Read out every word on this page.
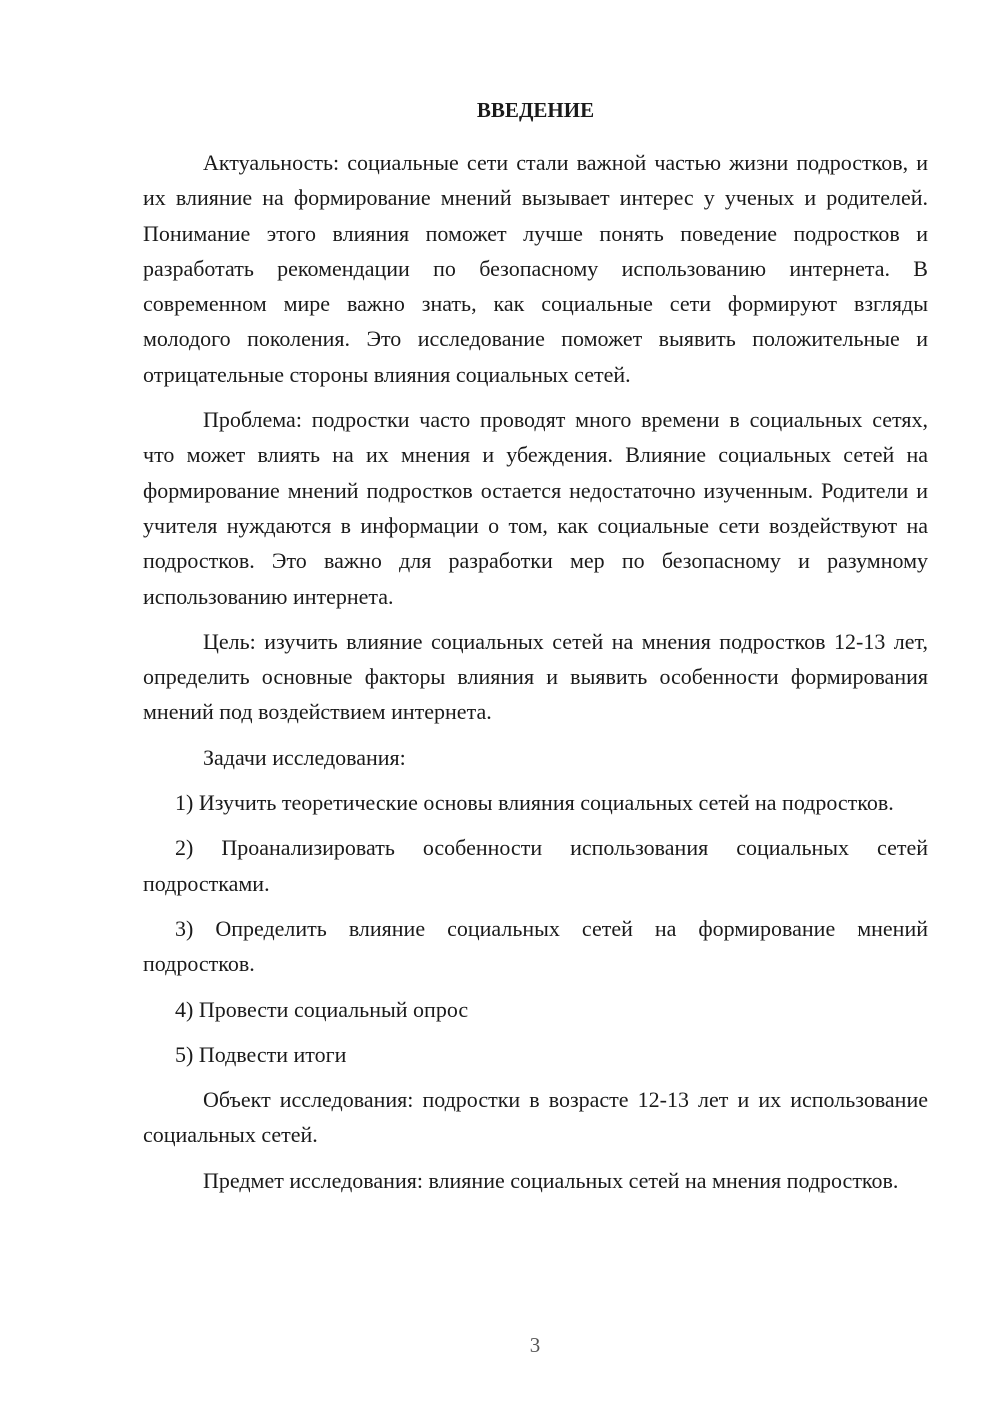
ВВЕДЕНИЕ

Актуальность: социальные сети стали важной частью жизни подростков, и их влияние на формирование мнений вызывает интерес у ученых и родителей. Понимание этого влияния поможет лучше понять поведение подростков и разработать рекомендации по безопасному использованию интернета. В современном мире важно знать, как социальные сети формируют взгляды молодого поколения. Это исследование поможет выявить положительные и отрицательные стороны влияния социальных сетей.

Проблема: подростки часто проводят много времени в социальных сетях, что может влиять на их мнения и убеждения. Влияние социальных сетей на формирование мнений подростков остается недостаточно изученным. Родители и учителя нуждаются в информации о том, как социальные сети воздействуют на подростков. Это важно для разработки мер по безопасному и разумному использованию интернета.

Цель: изучить влияние социальных сетей на мнения подростков 12-13 лет, определить основные факторы влияния и выявить особенности формирования мнений под воздействием интернета.

Задачи исследования:

1) Изучить теоретические основы влияния социальных сетей на подростков.

2) Проанализировать особенности использования социальных сетей подростками.

3) Определить влияние социальных сетей на формирование мнений подростков.

4) Провести социальный опрос

5) Подвести итоги

Объект исследования: подростки в возрасте 12-13 лет и их использование социальных сетей.

Предмет исследования: влияние социальных сетей на мнения подростков.

3
